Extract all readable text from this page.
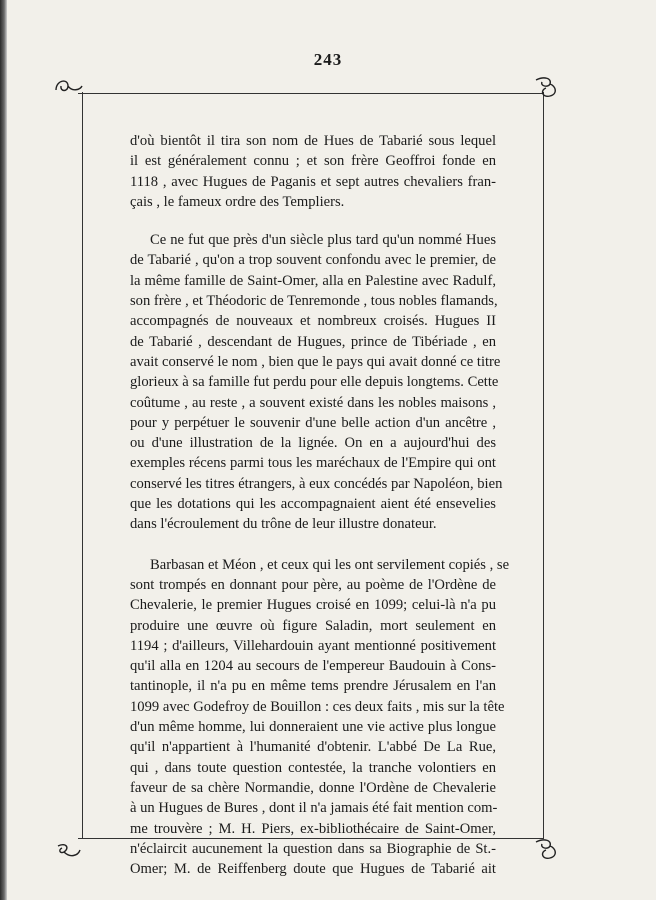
243
d'où bientôt il tira son nom de Hues de Tabarié sous lequel
il est généralement connu ; et son frère Geoffroi fonde en
1118 , avec Hugues de Paganis et sept autres chevaliers fran-
çais , le fameux ordre des Templiers.
Ce ne fut que près d'un siècle plus tard qu'un nommé Hues
de Tabarié , qu'on a trop souvent confondu avec le premier, de
la même famille de Saint-Omer, alla en Palestine avec Radulf,
son frère , et Théodoric de Tenremonde , tous nobles flamands,
accompagnés de nouveaux et nombreux croisés. Hugues II
de Tabarié , descendant de Hugues, prince de Tibériade , en
avait conservé le nom , bien que le pays qui avait donné ce titre
glorieux à sa famille fut perdu pour elle depuis longtems. Cette
coûtume , au reste , a souvent existé dans les nobles maisons ,
pour y perpétuer le souvenir d'une belle action d'un ancêtre ,
ou d'une illustration de la lignée. On en a aujourd'hui des
exemples récens parmi tous les maréchaux de l'Empire qui ont
conservé les titres étrangers, à eux concédés par Napoléon, bien
que les dotations qui les accompagnaient aient été ensevelies
dans l'écroulement du trône de leur illustre donateur.
Barbasan et Méon , et ceux qui les ont servilement copiés , se
sont trompés en donnant pour père, au poème de l'Ordène de
Chevalerie, le premier Hugues croisé en 1099; celui-là n'a pu
produire une œuvre où figure Saladin, mort seulement en
1194 ; d'ailleurs, Villehardouin ayant mentionné positivement
qu'il alla en 1204 au secours de l'empereur Baudouin à Cons-
tantinople, il n'a pu en même tems prendre Jérusalem en l'an
1099 avec Godefroy de Bouillon : ces deux faits , mis sur la tête
d'un même homme, lui donneraient une vie active plus longue
qu'il n'appartient à l'humanité d'obtenir. L'abbé De La Rue,
qui , dans toute question contestée, la tranche volontiers en
faveur de sa chère Normandie, donne l'Ordène de Chevalerie
à un Hugues de Bures , dont il n'a jamais été fait mention com-
me trouvère ; M. H. Piers, ex-bibliothécaire de Saint-Omer,
n'éclaircit aucunement la question dans sa Biographie de St.-
Omer; M. de Reiffenberg doute que Hugues de Tabarié ait
